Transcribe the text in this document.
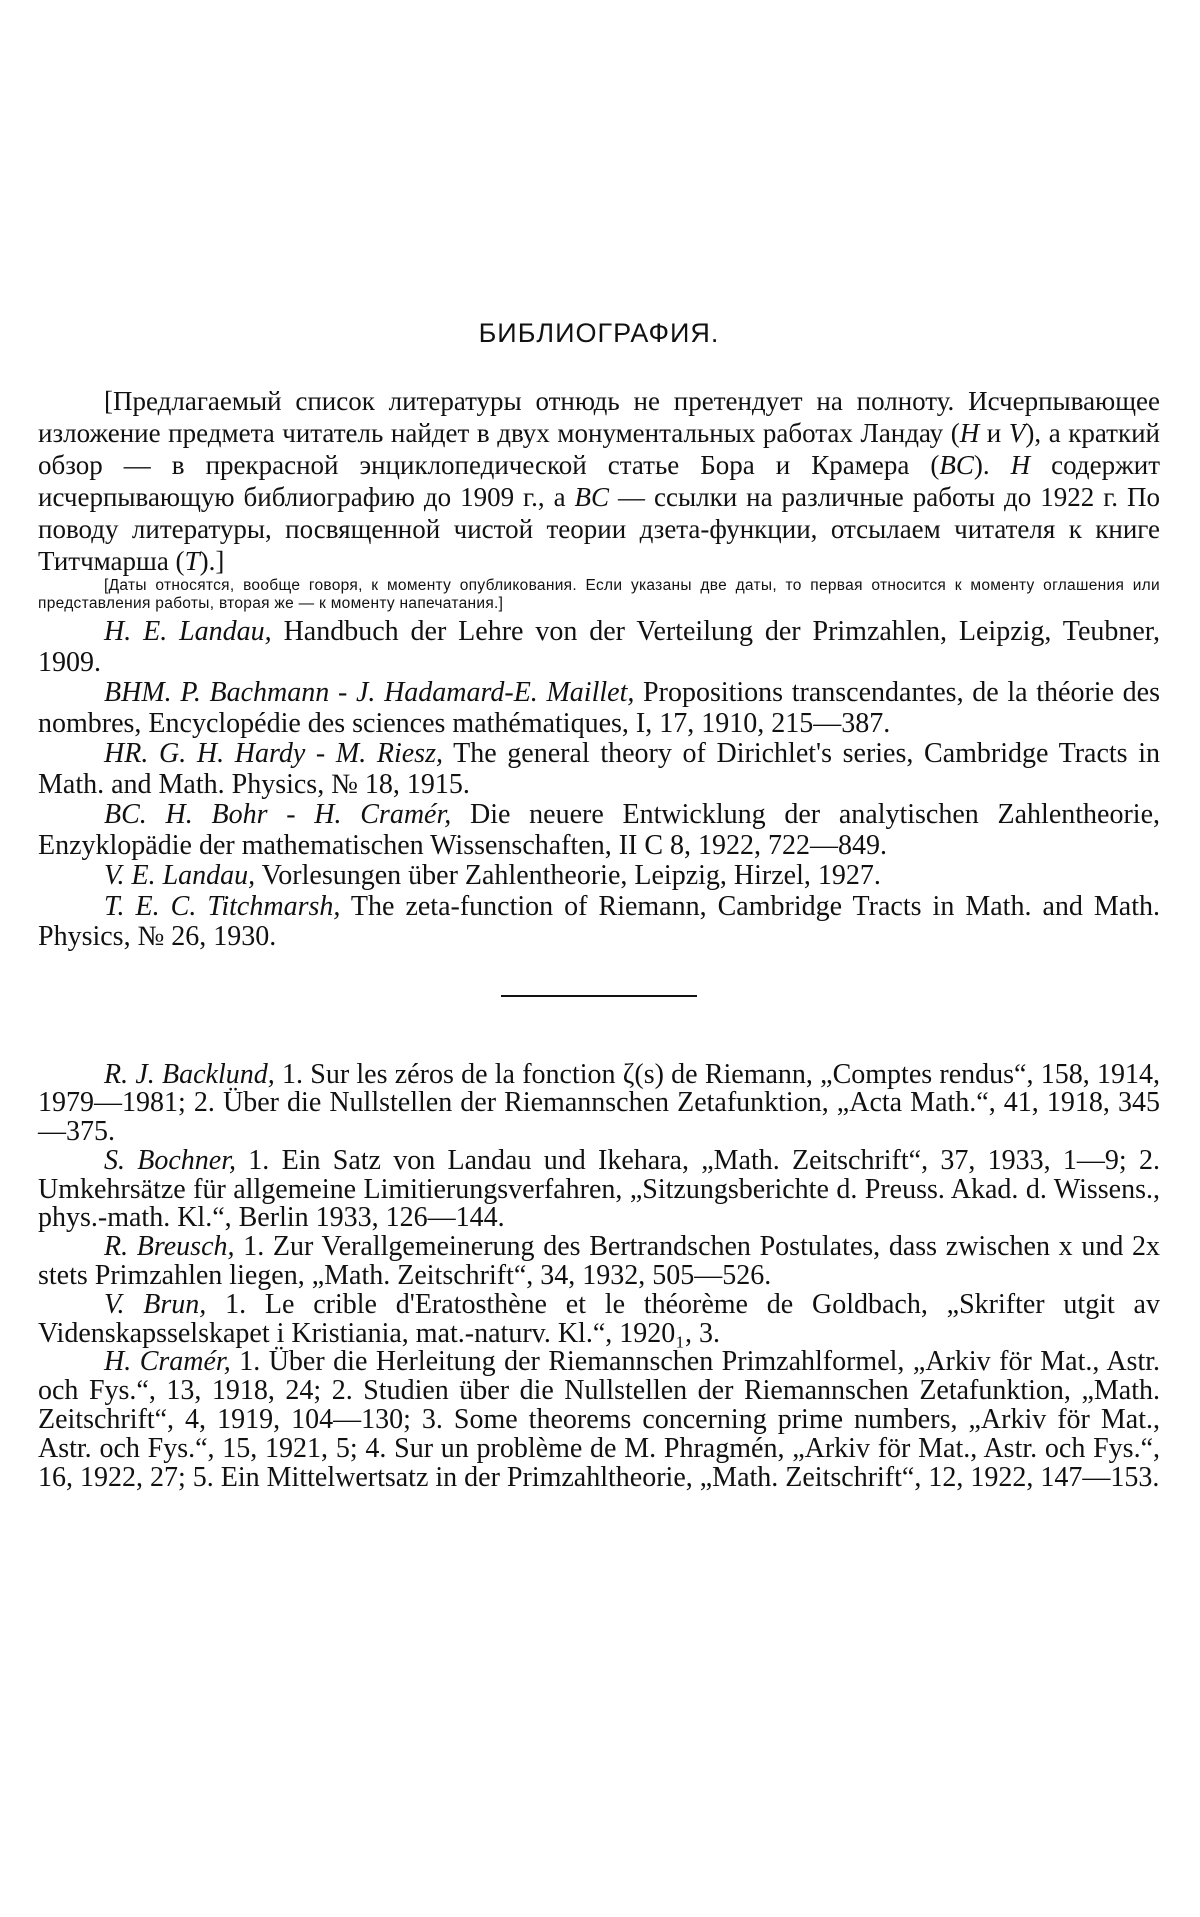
БИБЛИОГРАФИЯ.

[Предлагаемый список литературы отнюдь не претендует на полноту. Исчерпывающее изложение предмета читатель найдет в двух монументальных работах Ландау (H и V), а краткий обзор — в прекрасной энциклопедической статье Бора и Крамера (BC). H содержит исчерпывающую библиографию до 1909 г., а BC — ссылки на различные работы до 1922 г. По поводу литературы, посвященной чистой теории дзета-функции, отсылаем читателя к книге Титчмарша (T).]

[Даты относятся, вообще говоря, к моменту опубликования. Если указаны две даты, то первая относится к моменту оглашения или представления работы, вторая же — к моменту напечатания.]

H. E. Landau, Handbuch der Lehre von der Verteilung der Primzahlen, Leipzig, Teubner, 1909.

BHM. P. Bachmann - J. Hadamard-E. Maillet, Propositions transcendantes, de la théorie des nombres, Encyclopédie des sciences mathématiques, I, 17, 1910, 215—387.

HR. G. H. Hardy - M. Riesz, The general theory of Dirichlet's series, Cambridge Tracts in Math. and Math. Physics, № 18, 1915.

BC. H. Bohr - H. Cramér, Die neuere Entwicklung der analytischen Zahlentheorie, Enzyklopädie der mathematischen Wissenschaften, II C 8, 1922, 722—849.

V. E. Landau, Vorlesungen über Zahlentheorie, Leipzig, Hirzel, 1927.

T. E. C. Titchmarsh, The zeta-function of Riemann, Cambridge Tracts in Math. and Math. Physics, № 26, 1930.

R. J. Backlund, 1. Sur les zéros de la fonction ζ(s) de Riemann, „Comptes rendus“, 158, 1914, 1979—1981; 2. Über die Nullstellen der Riemannschen Zetafunktion, „Acta Math.“, 41, 1918, 345—375.

S. Bochner, 1. Ein Satz von Landau und Ikehara, „Math. Zeitschrift“, 37, 1933, 1—9; 2. Umkehrsätze für allgemeine Limitierungsverfahren, „Sitzungsberichte d. Preuss. Akad. d. Wissens., phys.-math. Kl.“, Berlin 1933, 126—144.

R. Breusch, 1. Zur Verallgemeinerung des Bertrandschen Postulates, dass zwischen x und 2x stets Primzahlen liegen, „Math. Zeitschrift“, 34, 1932, 505—526.

V. Brun, 1. Le crible d'Eratosthène et le théorème de Goldbach, „Skrifter utgit av Videnskapsselskapet i Kristiania, mat.-naturv. Kl.“, 1920₁, 3.

H. Cramér, 1. Über die Herleitung der Riemannschen Primzahlformel, „Arkiv för Mat., Astr. och Fys.“, 13, 1918, 24; 2. Studien über die Nullstellen der Riemannschen Zetafunktion, „Math. Zeitschrift“, 4, 1919, 104—130; 3. Some theorems concerning prime numbers, „Arkiv för Mat., Astr. och Fys.“, 15, 1921, 5; 4. Sur un problème de M. Phragmén, „Arkiv för Mat., Astr. och Fys.“, 16, 1922, 27; 5. Ein Mittelwertsatz in der Primzahltheorie, „Math. Zeitschrift“, 12, 1922, 147—153.
